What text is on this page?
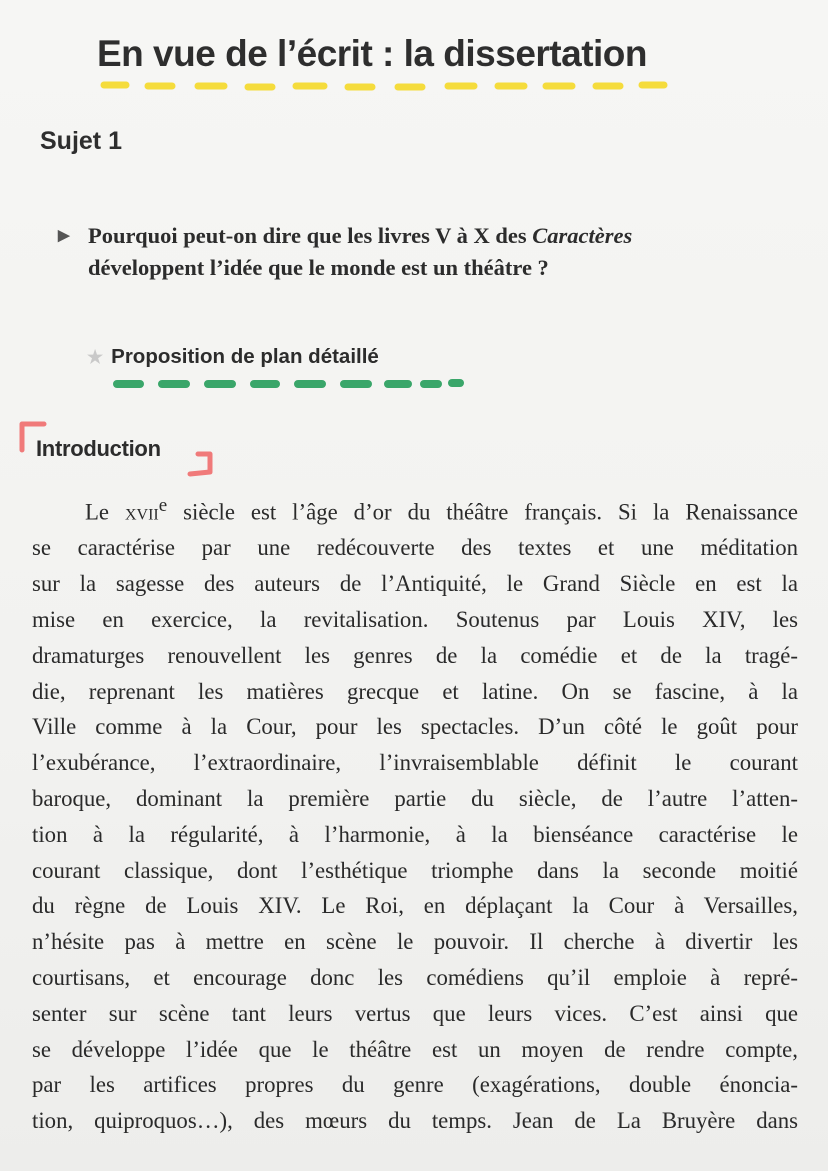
En vue de l’écrit : la dissertation
Sujet 1
▶ Pourquoi peut-on dire que les livres V à X des Caractères
développent l’idée que le monde est un théâtre ?
★ Proposition de plan détaillé
Introduction
Le xvii$^e$ siècle est l’âge d’or du théâtre français. Si la Renaissance
se caractérise par une redécouverte des textes et une méditation
sur la sagesse des auteurs de l’Antiquité, le Grand Siècle en est la
mise en exercice, la revitalisation. Soutenus par Louis XIV, les
dramaturges renouvellent les genres de la comédie et de la tragé-
die, reprenant les matières grecque et latine. On se fascine, à la
Ville comme à la Cour, pour les spectacles. D’un côté le goût pour
l’exubérance, l’extraordinaire, l’invraisemblable définit le courant
baroque, dominant la première partie du siècle, de l’autre l’atten-
tion à la régularité, à l’harmonie, à la bienséance caractérise le
courant classique, dont l’esthétique triomphe dans la seconde moitié
du règne de Louis XIV. Le Roi, en déplaçant la Cour à Versailles,
n’hésite pas à mettre en scène le pouvoir. Il cherche à divertir les
courtisans, et encourage donc les comédiens qu’il emploie à repré-
senter sur scène tant leurs vertus que leurs vices. C’est ainsi que
se développe l’idée que le théâtre est un moyen de rendre compte,
par les artifices propres du genre (exagérations, double énoncia-
tion, quiproquos…), des mœurs du temps. Jean de La Bruyère dans
